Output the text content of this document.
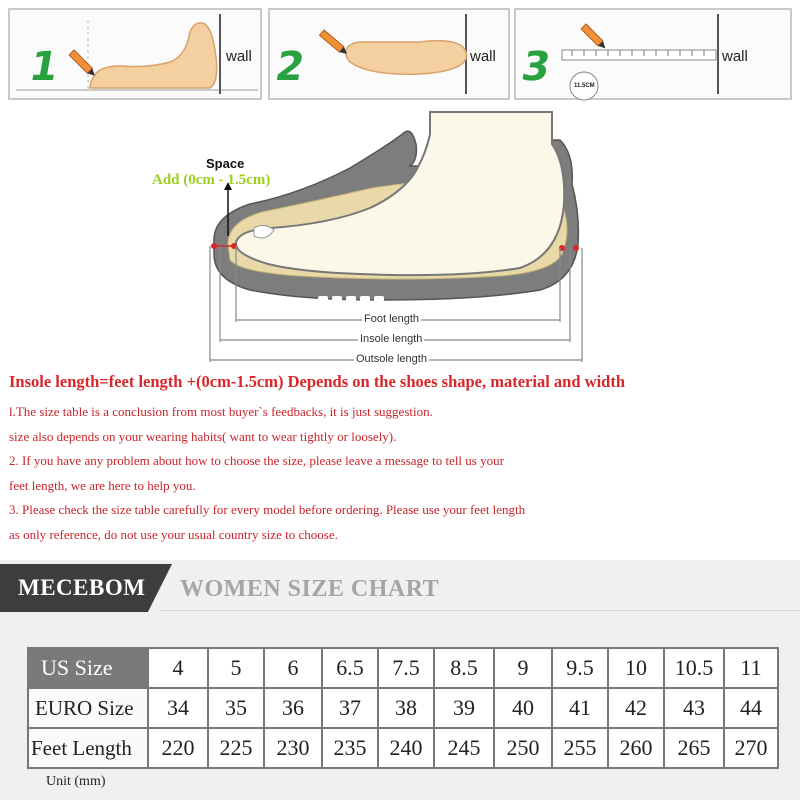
1	wall 2	wall 3	11.5CM
wall
Space
Add (0cm - 1.5cm)
Foot length
Insole length
Outsole length
Insole length=feet length +(0cm-1.5cm) Depends on the shoes shape, material and width
l.The size table is a conclusion from most buyer`s feedbacks, it is just suggestion.
size also depends on your wearing habits( want to wear tightly or loosely).
2. If you have any problem about how to choose the size, please leave a message to tell us your
feet length, we are here to help you.
3. Please check the size table carefully for every model before ordering. Please use your feet length
as only reference, do not use your usual country size to choose.
MECEBOM WOMEN SIZE CHART
US Size	4	5	6	6.5	7.5	8.5	9	9.5	10	10.5	11
EURO Size	34	35	36	37	38	39	40	41	42	43	44
Feet Length	220	225	230	235	240	245	250	255	260	265	270
Unit (mm)
